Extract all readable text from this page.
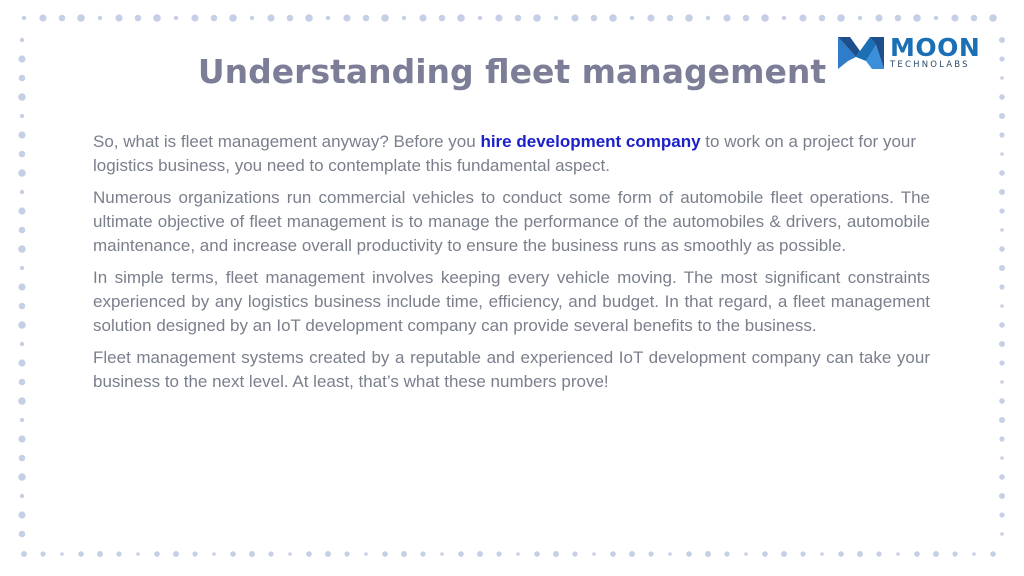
MOON
TECHNOLABS
Understanding fleet management

So, what is fleet management anyway? Before you hire development company to work on a project for your logistics business, you need to contemplate this fundamental aspect.

Numerous organizations run commercial vehicles to conduct some form of automobile fleet operations. The ultimate objective of fleet management is to manage the performance of the automobiles & drivers, automobile maintenance, and increase overall productivity to ensure the business runs as smoothly as possible.

In simple terms, fleet management involves keeping every vehicle moving. The most significant constraints experienced by any logistics business include time, efficiency, and budget. In that regard, a fleet management solution designed by an IoT development company can provide several benefits to the business.

Fleet management systems created by a reputable and experienced IoT development company can take your business to the next level. At least, that’s what these numbers prove!
